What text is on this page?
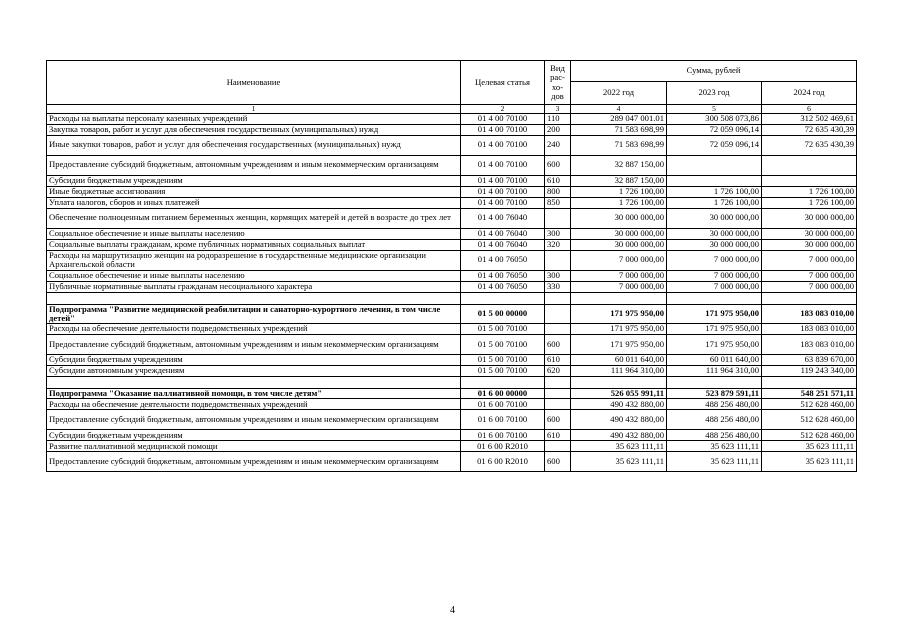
Наименование	Целевая статья	Вид рас-хо-дов	Сумма, рублей		
			2022 год	2023 год	2024 год
1	2	3	4	5	6
Расходы на выплаты персоналу казенных учреждений	01 4 00 70100	110	289 047 001.01	300 508 073,86	312 502 469,61
Закупка товаров, работ и услуг для обеспечения государственных (муниципальных) нужд	01 4 00 70100	200	71 583 698,99	72 059 096,14	72 635 430,39
Иные закупки товаров, работ и услуг для обеспечения государственных (муниципальных) нужд	01 4 00 70100	240	71 583 698,99	72 059 096,14	72 635 430,39
Предоставление субсидий бюджетным, автономным учреждениям и иным некоммерческим организациям	01 4 00 70100	600	32 887 150,00		
Субсидии бюджетным учреждениям	01 4 00 70100	610	32 887 150,00		
Иные бюджетные ассигнования	01 4 00 70100	800	1 726 100,00	1 726 100,00	1 726 100,00
Уплата налогов, сборов и иных платежей	01 4 00 70100	850	1 726 100,00	1 726 100,00	1 726 100,00
Обеспечение полноценным питанием беременных женщин, кормящих матерей и детей в возрасте до трех лет	01 4 00 76040		30 000 000,00	30 000 000,00	30 000 000,00
Социальное обеспечение и иные выплаты населению	01 4 00 76040	300	30 000 000,00	30 000 000,00	30 000 000,00
Социальные выплаты гражданам, кроме публичных нормативных социальных выплат	01 4 00 76040	320	30 000 000,00	30 000 000,00	30 000 000,00
Расходы на маршрутизацию женщин на родоразрешение в государственные медицинские организации Архангельской области	01 4 00 76050		7 000 000,00	7 000 000,00	7 000 000,00
Социальное обеспечение и иные выплаты населению	01 4 00 76050	300	7 000 000,00	7 000 000,00	7 000 000,00
Публичные нормативные выплаты гражданам несоциального характера	01 4 00 76050	330	7 000 000,00	7 000 000,00	7 000 000,00

Подпрограмма "Развитие медицинской реабилитации и санаторно-курортного лечения, в том числе детей"	01 5 00 00000		171 975 950,00	171 975 950,00	183 083 010,00
Расходы на обеспечение деятельности подведомственных учреждений	01 5 00 70100		171 975 950,00	171 975 950,00	183 083 010,00
Предоставление субсидий бюджетным, автономным учреждениям и иным некоммерческим организациям	01 5 00 70100	600	171 975 950,00	171 975 950,00	183 083 010,00
Субсидии бюджетным учреждениям	01 5 00 70100	610	60 011 640,00	60 011 640,00	63 839 670,00
Субсидии автономным учреждениям	01 5 00 70100	620	111 964 310,00	111 964 310,00	119 243 340,00

Подпрограмма "Оказание паллиативной помощи, в том числе детям"	01 6 00 00000		526 055 991,11	523 879 591,11	548 251 571,11
Расходы на обеспечение деятельности подведомственных учреждений	01 6 00 70100		490 432 880,00	488 256 480,00	512 628 460,00
Предоставление субсидий бюджетным, автономным учреждениям и иным некоммерческим организациям	01 6 00 70100	600	490 432 880,00	488 256 480,00	512 628 460,00
Субсидии бюджетным учреждениям	01 6 00 70100	610	490 432 880,00	488 256 480,00	512 628 460,00
Развитие паллиативной медицинской помощи	01 6 00 R2010		35 623 111,11	35 623 111,11	35 623 111,11
Предоставление субсидий бюджетным, автономным учреждениям и иным некоммерческим организациям	01 6 00 R2010	600	35 623 111,11	35 623 111,11	35 623 111,11
4
